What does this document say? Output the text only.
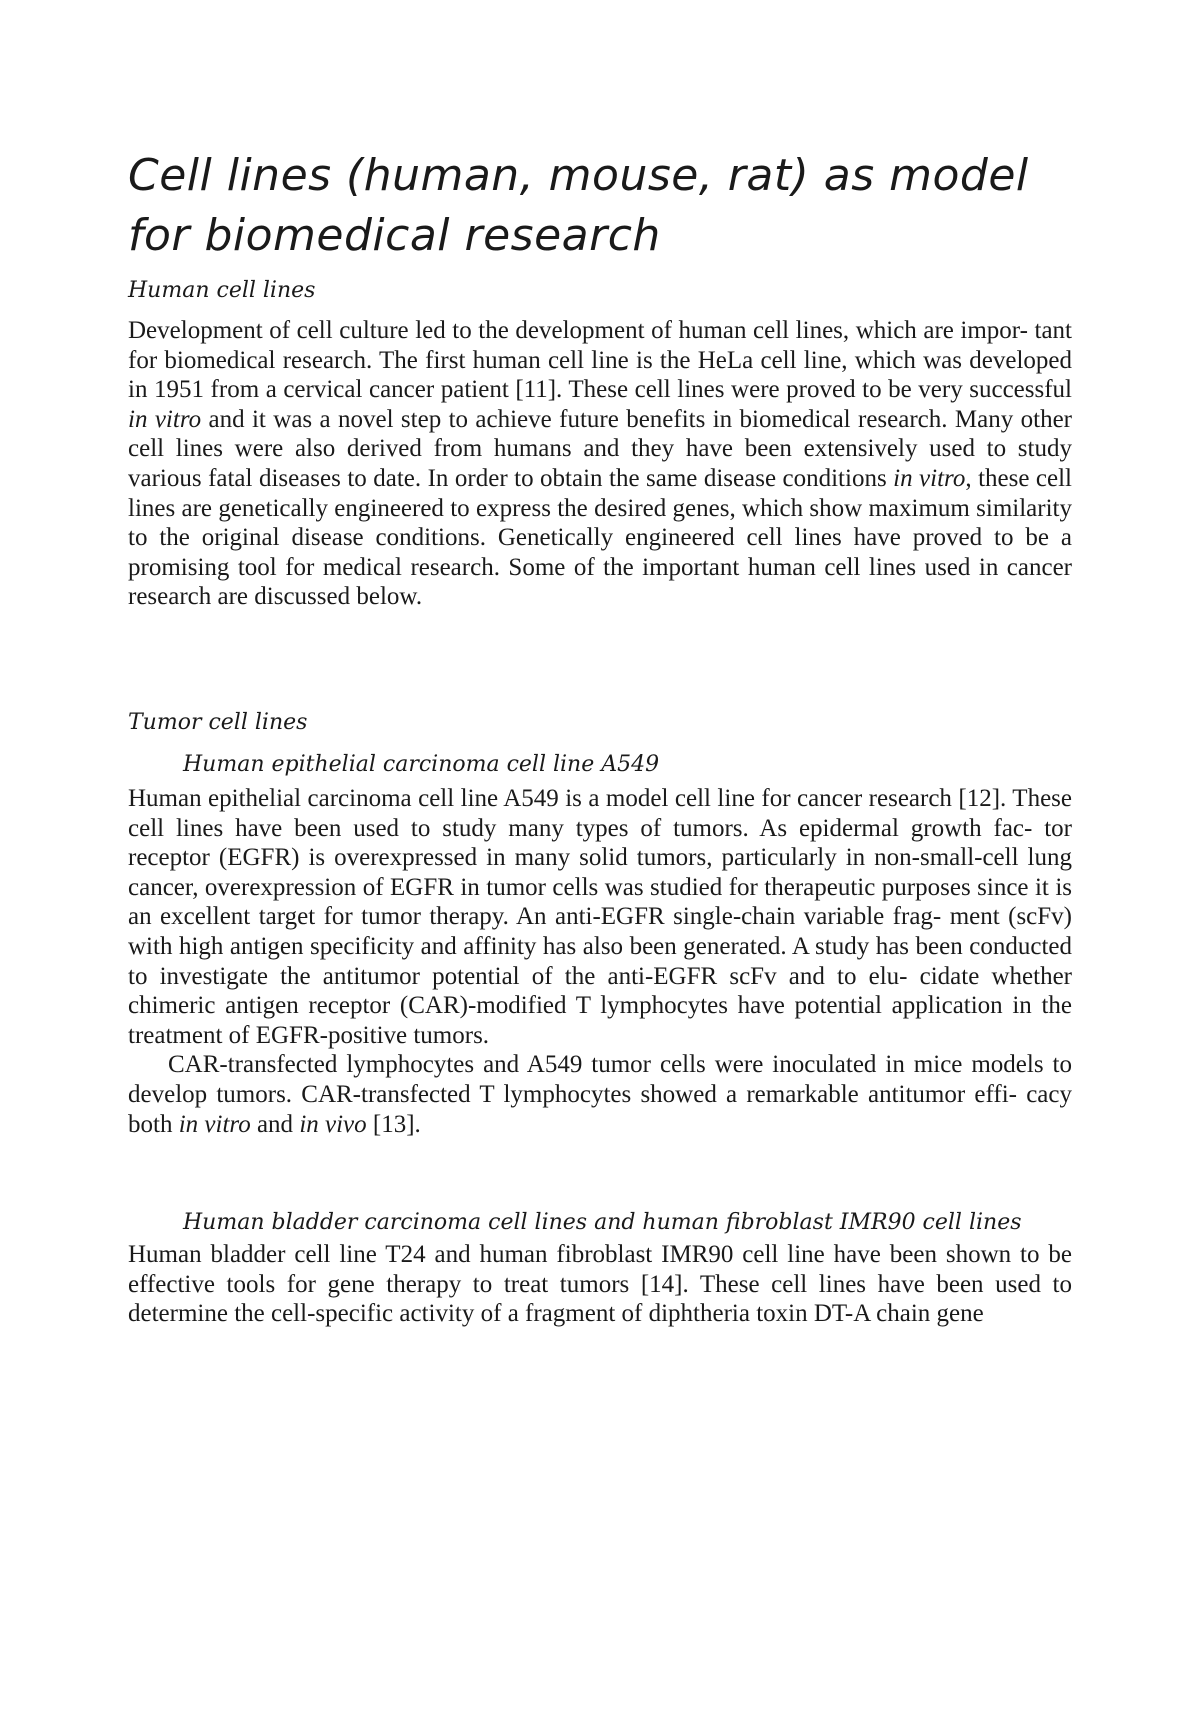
Cell lines (human, mouse, rat) as model for biomedical research

Human cell lines

Development of cell culture led to the development of human cell lines, which are impor- tant for biomedical research. The first human cell line is the HeLa cell line, which was developed in 1951 from a cervical cancer patient [11]. These cell lines were proved to be very successful in vitro and it was a novel step to achieve future benefits in biomedical research. Many other cell lines were also derived from humans and they have been extensively used to study various fatal diseases to date. In order to obtain the same disease conditions in vitro, these cell lines are genetically engineered to express the desired genes, which show maximum similarity to the original disease conditions. Genetically engineered cell lines have proved to be a promising tool for medical research. Some of the important human cell lines used in cancer research are discussed below.

Tumor cell lines

Human epithelial carcinoma cell line A549

Human epithelial carcinoma cell line A549 is a model cell line for cancer research [12]. These cell lines have been used to study many types of tumors. As epidermal growth fac- tor receptor (EGFR) is overexpressed in many solid tumors, particularly in non-small-cell lung cancer, overexpression of EGFR in tumor cells was studied for therapeutic purposes since it is an excellent target for tumor therapy. An anti-EGFR single-chain variable frag- ment (scFv) with high antigen specificity and affinity has also been generated. A study has been conducted to investigate the antitumor potential of the anti-EGFR scFv and to elu- cidate whether chimeric antigen receptor (CAR)-modified T lymphocytes have potential application in the treatment of EGFR-positive tumors.

CAR-transfected lymphocytes and A549 tumor cells were inoculated in mice models to develop tumors. CAR-transfected T lymphocytes showed a remarkable antitumor effi- cacy both in vitro and in vivo [13].

Human bladder carcinoma cell lines and human fibroblast IMR90 cell lines

Human bladder cell line T24 and human fibroblast IMR90 cell line have been shown to be effective tools for gene therapy to treat tumors [14]. These cell lines have been used to determine the cell-specific activity of a fragment of diphtheria toxin DT-A chain gene
